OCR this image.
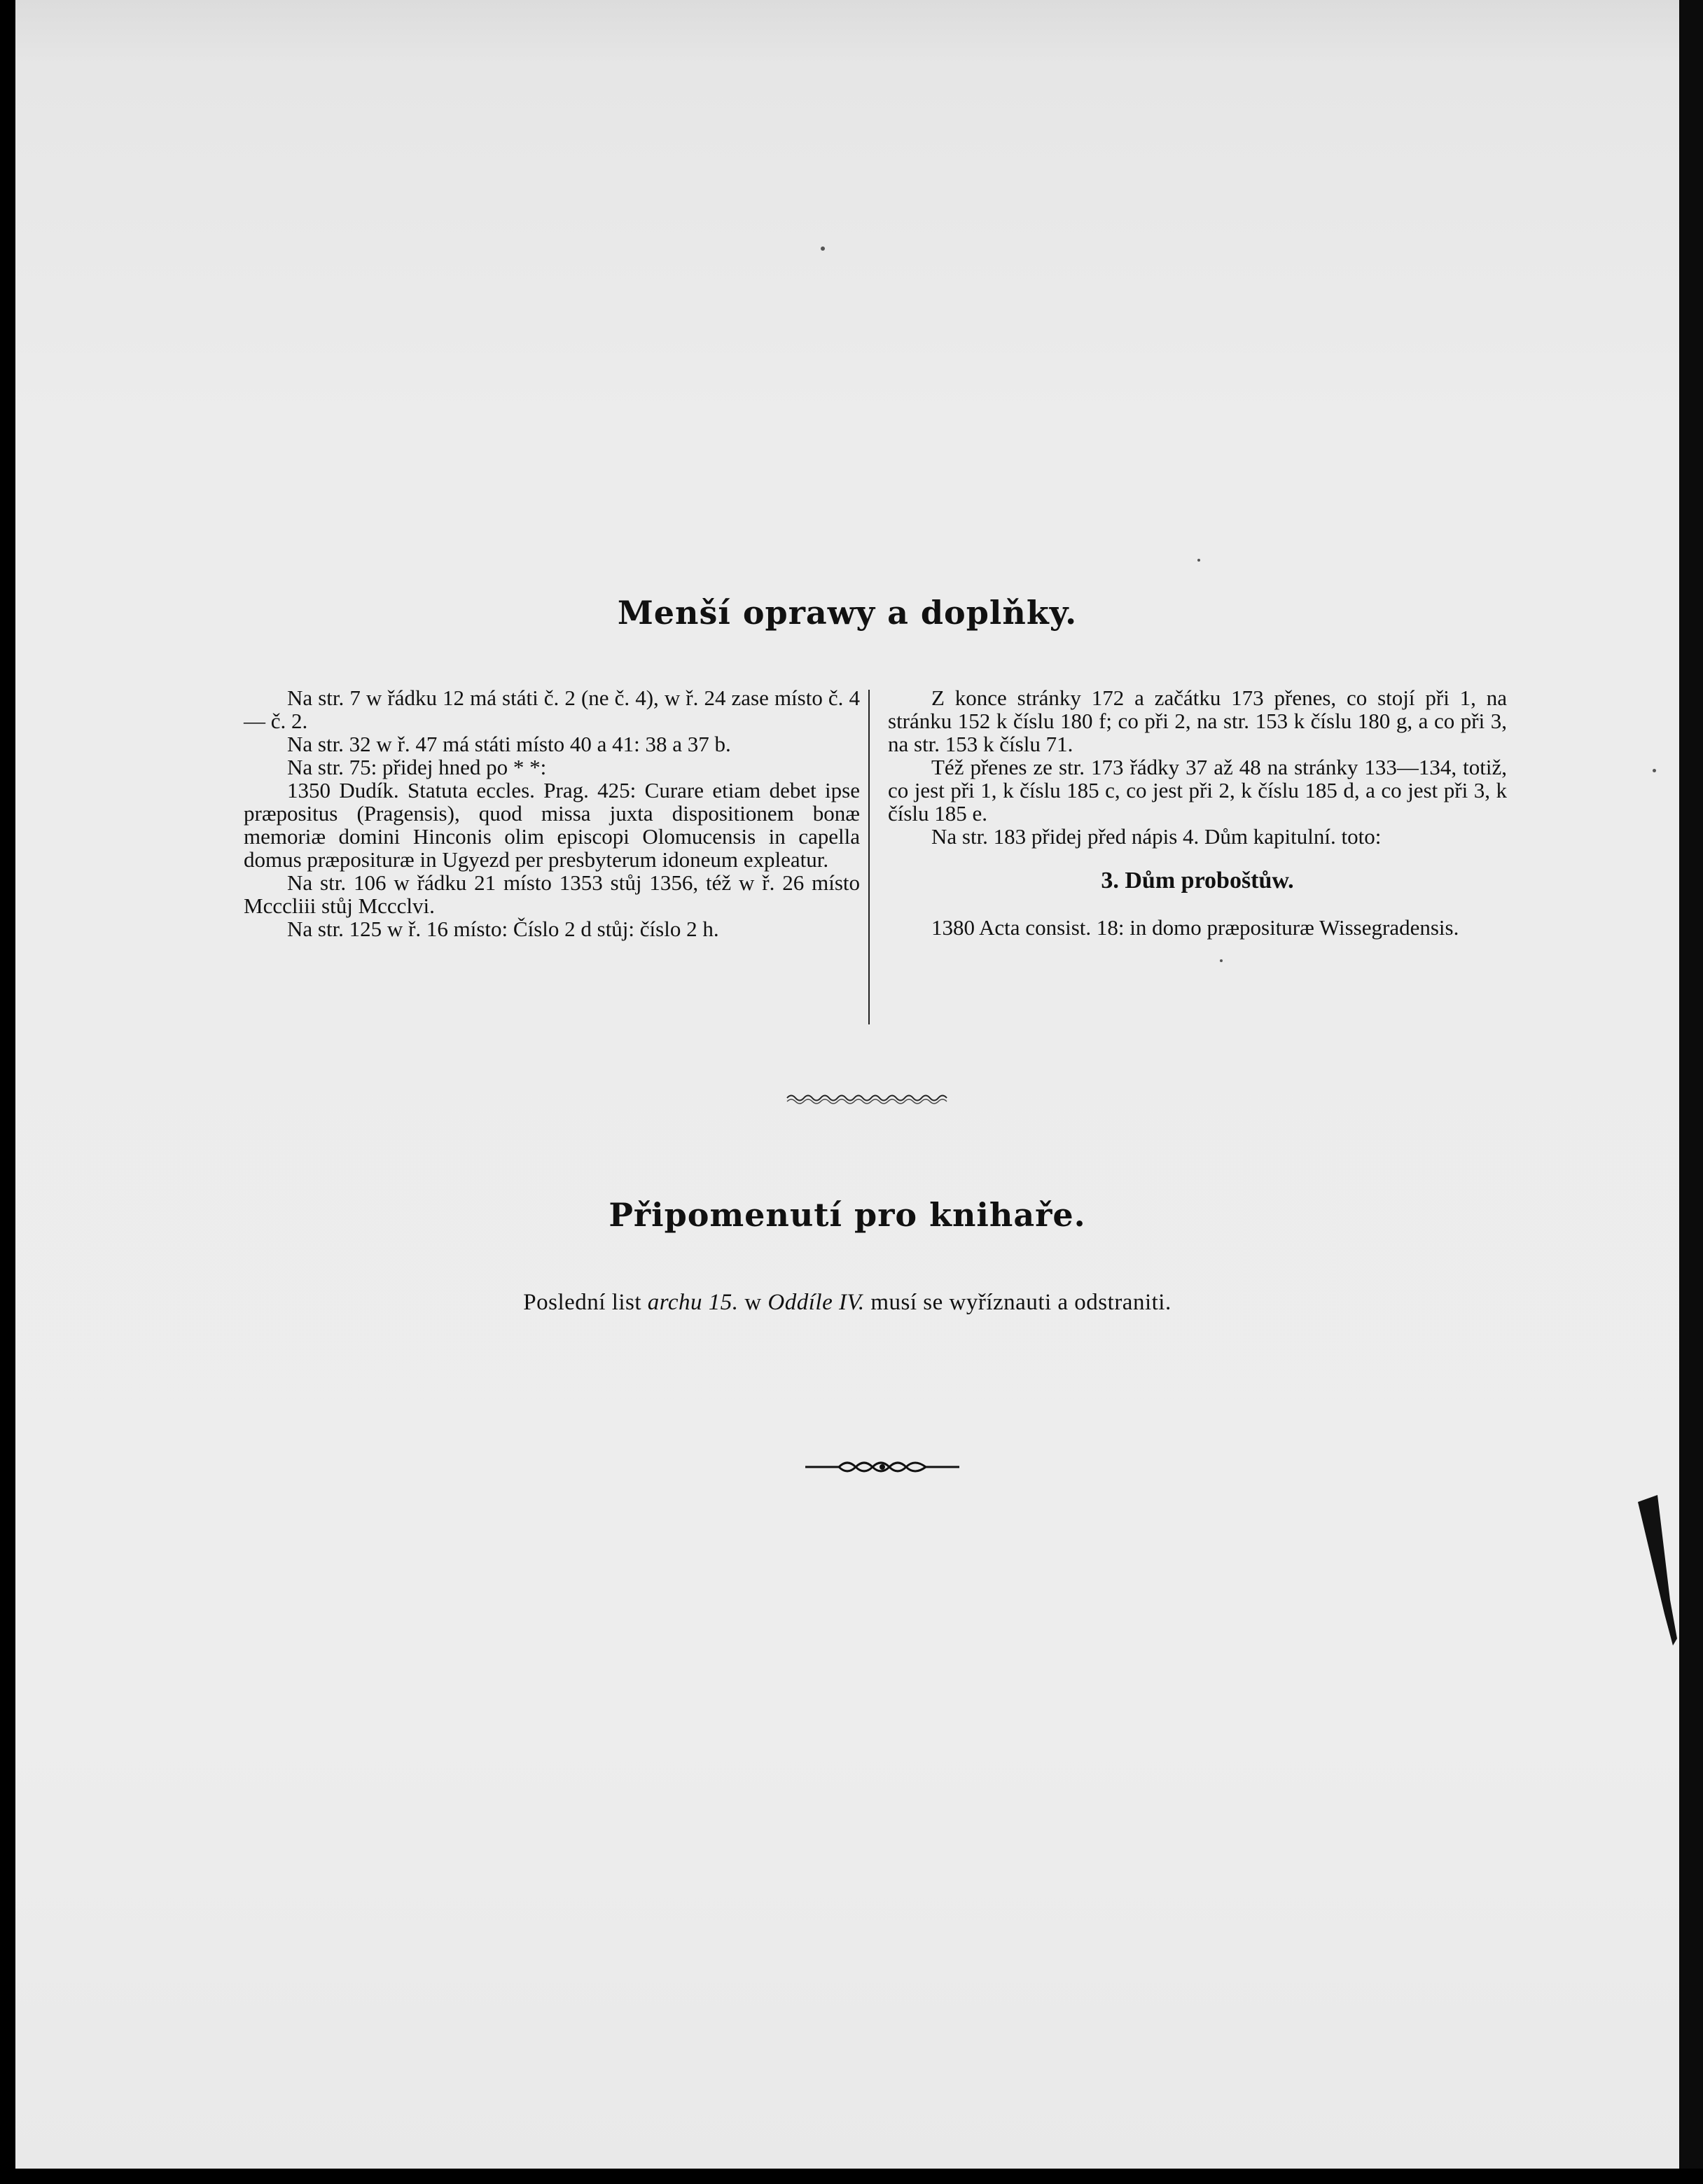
Menší oprawy a doplňky.

Na str. 7 w řádku 12 má státi č. 2 (ne č. 4), w ř. 24 zase místo č. 4 — č. 2.

Na str. 32 w ř. 47 má státi místo 40 a 41: 38 a 37 b.

Na str. 75: přidej hned po * *:

1350 Dudík. Statuta eccles. Prag. 425: Curare etiam debet ipse præpositus (Pragensis), quod missa juxta dispositionem bonæ memoriæ domini Hinconis olim episcopi Olomucensis in capella domus præposituræ in Ugyezd per presbyterum idoneum expleatur.

Na str. 106 w řádku 21 místo 1353 stůj 1356, též w ř. 26 místo Mcccliii stůj Mccclvi.

Na str. 125 w ř. 16 místo: Číslo 2 d stůj: číslo 2 h.

Z konce stránky 172 a začátku 173 přenes, co stojí při 1, na stránku 152 k číslu 180 f; co při 2, na str. 153 k číslu 180 g, a co při 3, na str. 153 k číslu 71.

Též přenes ze str. 173 řádky 37 až 48 na stránky 133—134, totiž, co jest při 1, k číslu 185 c, co jest při 2, k číslu 185 d, a co jest při 3, k číslu 185 e.

Na str. 183 přidej před nápis 4. Dům kapitulní. toto:

3. Dům proboštůw.

1380 Acta consist. 18: in domo præposituræ Wissegradensis.

Připomenutí pro knihaře.
Poslední list archu 15. w Oddíle IV. musí se wyříznauti a odstraniti.
